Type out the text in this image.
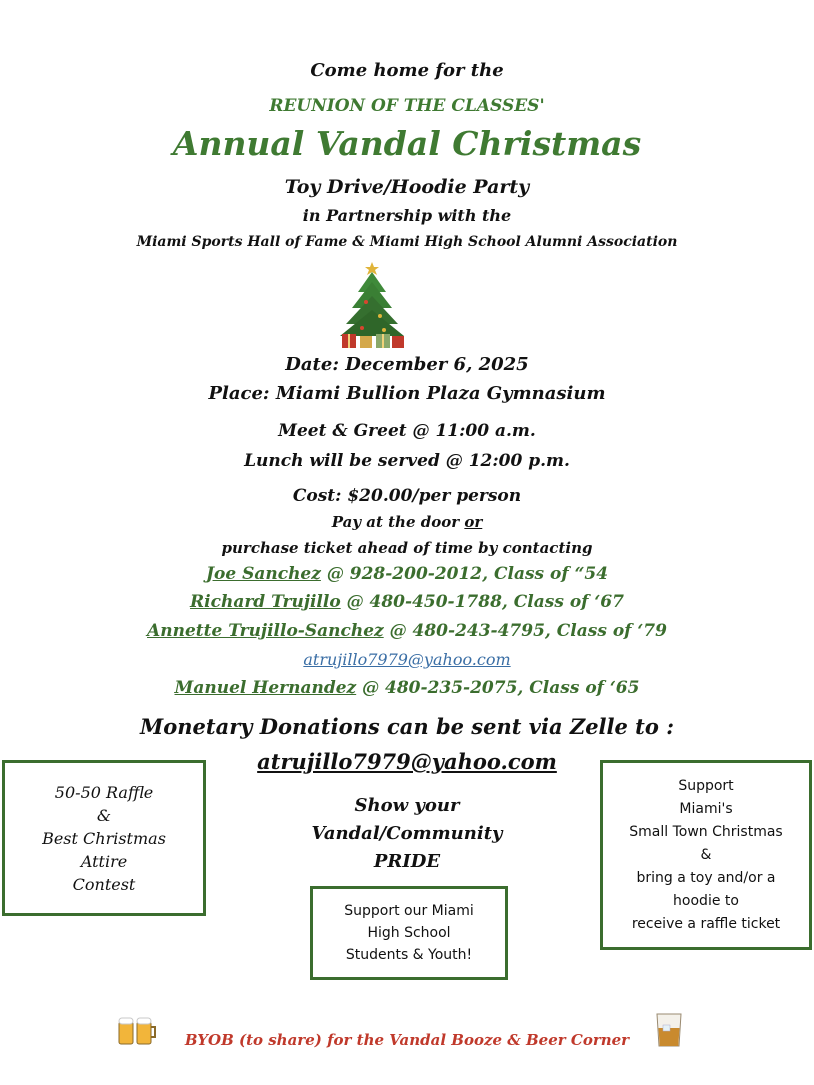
Come home for the
REUNION OF THE CLASSES'
Annual Vandal Christmas
Toy Drive/Hoodie Party
in Partnership with the
Miami Sports Hall of Fame & Miami High School Alumni Association
Date: December 6, 2025
Place: Miami Bullion Plaza Gymnasium
Meet & Greet @ 11:00 a.m.
Lunch will be served @ 12:00 p.m.
Cost: $20.00/per person
Pay at the door or
purchase ticket ahead of time by contacting
Joe Sanchez @ 928-200-2012, Class of “54
Richard Trujillo @ 480-450-1788, Class of ‘67
Annette Trujillo-Sanchez @ 480-243-4795, Class of ‘79
atrujillo7979@yahoo.com
Manuel Hernandez @ 480-235-2075, Class of ‘65
Monetary Donations can be sent via Zelle to :
atrujillo7979@yahoo.com
50-50 Raffle
&
Best Christmas
Attire
Contest
Show your
Vandal/Community
PRIDE
Support our Miami
High School
Students & Youth!
Support
Miami's
Small Town Christmas
&
bring a toy and/or a
hoodie to
receive a raffle ticket
BYOB (to share) for the Vandal Booze & Beer Corner
